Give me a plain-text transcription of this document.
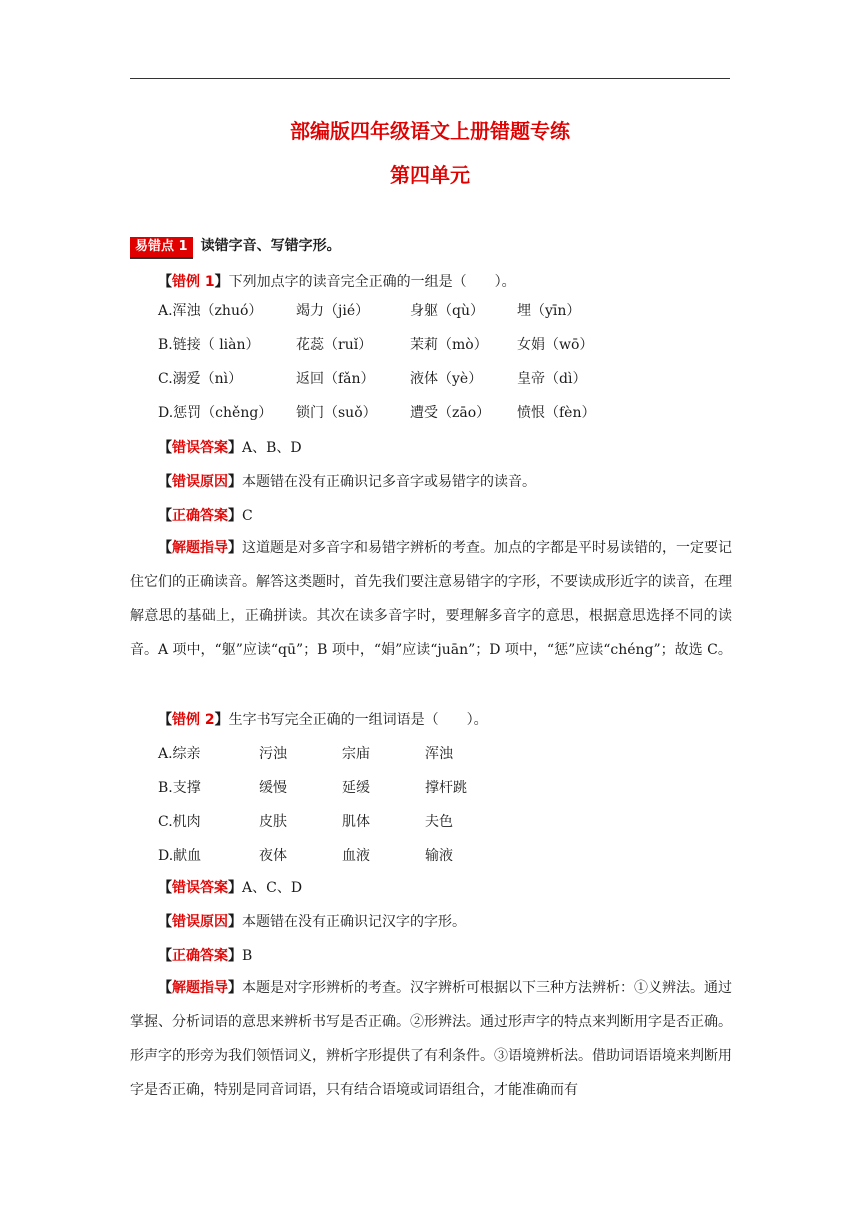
部编版四年级语文上册错题专练
第四单元
易错点 1 读错字音、写错字形。
【错例 1】下列加点字的读音完全正确的一组是（　　）。
A.浑浊（zhuó） 竭力（jié）	身躯（qù） 埋（yīn）
B.链接（ liàn）	花蕊（ruǐ）	茉莉（mò） 女娟（wō）
C.溺爱（nì）	返回（fǎn）	液体（yè） 皇帝（dì）
D.惩罚（chěng） 锁门（suǒ） 遭受（zāo） 愤恨（fèn）
【错误答案】A、B、D
【错误原因】本题错在没有正确识记多音字或易错字的读音。
【正确答案】C
【解题指导】这道题是对多音字和易错字辨析的考查。加点的字都是平时易读错的，一定要记住它们的正确读音。解答这类题时，首先我们要注意易错字的字形，不要读成形近字的读音，在理解意思的基础上，正确拼读。其次在读多音字时，要理解多音字的意思，根据意思选择不同的读音。A 项中，“躯”应读“qū”；B 项中，“娟”应读“juān”；D 项中，“惩”应读“chéng”；故选 C。
【错例 2】生字书写完全正确的一组词语是（　　）。
A.综亲	污浊	宗庙	浑浊
B.支撑	缓慢	延缓	撑杆跳
C.机肉	皮肤	肌体	夫色
D.献血	夜体	血液	输液
【错误答案】A、C、D
【错误原因】本题错在没有正确识记汉字的字形。
【正确答案】B
【解题指导】本题是对字形辨析的考查。汉字辨析可根据以下三种方法辨析：①义辨法。通过掌握、分析词语的意思来辨析书写是否正确。②形辨法。通过形声字的特点来判断用字是否正确。形声字的形旁为我们领悟词义，辨析字形提供了有利条件。③语境辨析法。借助词语语境来判断用字是否正确，特别是同音词语，只有结合语境或词语组合，才能准确而有
